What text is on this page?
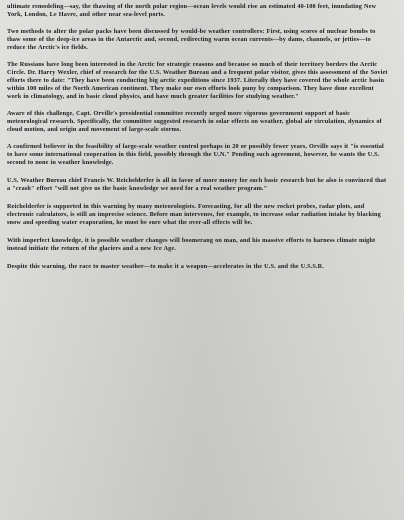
ultimate remodeling—say, the thawing of the north polar region—ocean levels would rise an estimated 40-100 feet, inundating New York, London, Le Havre, and other near sea-level ports.

Two methods to alter the polar packs have been discussed by would-be weather controllers: First, using scores of nuclear bombs to thaw some of the deep-ice areas in the Antarctic and, second, redirecting warm ocean currents—by dams, channels, or jetties—to reduce the Arctic's ice fields.

The Russians have long been interested in the Arctic for strategic reasons and because so much of their territory borders the Arctic Circle. Dr. Harry Wexler, chief of research for the U.S. Weather Bureau and a frequent polar visitor, gives this assessment of the Soviet efforts there to date: "They have been conducting big arctic expeditions since 1937. Literally they have covered the whole arctic basin within 100 miles of the North American continent. They make our own efforts look puny by comparison. They have done excellent work in climatology, and in basic cloud physics, and have much greater facilities for studying weather."

Aware of this challenge, Capt. Orville's presidential committee recently urged more vigorous government support of basic meteorological research. Specifically, the committee suggested research in solar effects on weather, global air circulation, dynamics of cloud motion, and origin and movement of large-scale storms.

A confirmed believer in the feasibility of large-scale weather control perhaps in 20 or possibly fewer years, Orville says it "is essential to have some international cooperation in this field, possibly through the U.N." Pending such agreement, however, he wants the U.S. second to none in weather knowledge.

U.S. Weather Bureau chief Francis W. Reichelderfer is all in favor of more money for such basic research but he also is convinced that a "crash" effort "will not give us the basic knowledge we need for a real weather program."

Reichelderfer is supported in this warning by many meteorologists. Forecasting, for all the new rocket probes, radar plots, and electronic calculators, is still an imprecise science. Before man intervenes, for example, to increase solar radiation intake by blacking snow and speeding water evaporation, he must be sure what the over-all effects will be.

With imperfect knowledge, it is possible weather changes will boomerang on man, and his massive efforts to harness climate might instead initiate the return of the glaciers and a new Ice Age.

Despite this warning, the race to master weather—to make it a weapon—accelerates in the U.S. and the U.S.S.R.
